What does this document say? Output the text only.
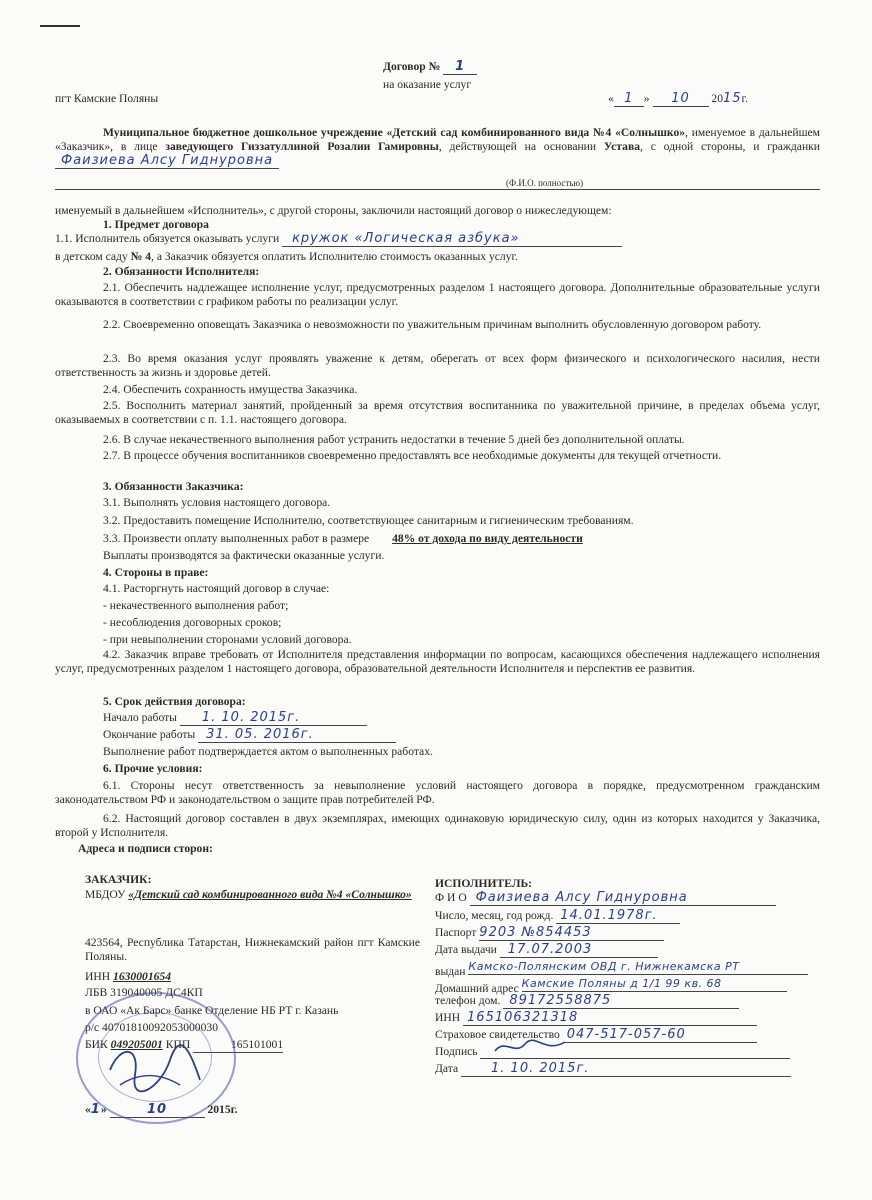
Договор № 1
на оказание услуг
пгт Камские Поляны	« 1 » 10 2015г.
Муниципальное бюджетное дошкольное учреждение «Детский сад комбинированного вида №4 «Солнышко», именуемое в дальнейшем «Заказчик», в лице заведующего Гиззатуллиной Розалии Гамировны, действующей на основании Устава, с одной стороны, и гражданки Фаизиева Алсу Гиднуровна
(Ф.И.О. полностью)
именуемый в дальнейшем «Исполнитель», с другой стороны, заключили настоящий договор о нижеследующем:
1. Предмет договора
1.1. Исполнитель обязуется оказывать услуги кружок «Логическая азбука»
в детском саду № 4, а Заказчик обязуется оплатить Исполнителю стоимость оказанных услуг.
2. Обязанности Исполнителя:
2.1. Обеспечить надлежащее исполнение услуг, предусмотренных разделом 1 настоящего договора. Дополнительные образовательные услуги оказываются в соответствии с графиком работы по реализации услуг.
2.2. Своевременно оповещать Заказчика о невозможности по уважительным причинам выполнить обусловленную договором работу.
2.3. Во время оказания услуг проявлять уважение к детям, оберегать от всех форм физического и психологического насилия, нести ответственность за жизнь и здоровье детей.
2.4. Обеспечить сохранность имущества Заказчика.
2.5. Восполнить материал занятий, пройденный за время отсутствия воспитанника по уважительной причине, в пределах объема услуг, оказываемых в соответствии с п. 1.1. настоящего договора.
2.6. В случае некачественного выполнения работ устранить недостатки в течение 5 дней без дополнительной оплаты.
2.7. В процессе обучения воспитанников своевременно предоставлять все необходимые документы для текущей отчетности.
3. Обязанности Заказчика:
3.1. Выполнять условия настоящего договора.
3.2. Предоставить помещение Исполнителю, соответствующее санитарным и гигиеническим требованиям.
3.3. Произвести оплату выполненных работ в размере 48% от дохода по виду деятельности
Выплаты производятся за фактически оказанные услуги.
4. Стороны в праве:
4.1. Расторгнуть настоящий договор в случае:
- некачественного выполнения работ;
- несоблюдения договорных сроков;
- при невыполнении сторонами условий договора.
4.2. Заказчик вправе требовать от Исполнителя представления информации по вопросам, касающихся обеспечения надлежащего исполнения услуг, предусмотренных разделом 1 настоящего договора, образовательной деятельности Исполнителя и перспектив ее развития.
5. Срок действия договора:
Начало работы 1. 10. 2015г.
Окончание работы 31. 05. 2016г.
Выполнение работ подтверждается актом о выполненных работах.
6. Прочие условия:
6.1. Стороны несут ответственность за невыполнение условий настоящего договора в порядке, предусмотренном гражданским законодательством РФ и законодательством о защите прав потребителей РФ.
6.2. Настоящий договор составлен в двух экземплярах, имеющих одинаковую юридическую силу, один из которых находится у Заказчика, второй у Исполнителя.
Адреса и подписи сторон:
ЗАКАЗЧИК:
МБДОУ «Детский сад комбинированного вида №4 «Солнышко»
423564, Республика Татарстан, Нижнекамский район пгт Камские Поляны.
ИНН 1630001654
ЛБВ 319040005 ДС4КП
в ОАО «Ак Барс» банке Отделение НБ РТ г. Казань
р/с 40701810092053000030
БИК 049205001 КПП	165101001
«1»	10	2015г.
ИСПОЛНИТЕЛЬ:
Ф И О Фаизиева Алсу Гиднуровна
Число, месяц, год рожд. 14.01.1978г.
Паспорт 9203 №854453
Дата выдачи 17.07.2003
выдан Камско-Полянским ОВД г. Нижнекамска РТ
Домашний адрес Камские Поляны д 1/1 99 кв. 68
телефон дом. 89172558875
ИНН 165106321318
Страховое свидетельство 047-517-057-60
Подпись
Дата	1. 10. 2015г.
